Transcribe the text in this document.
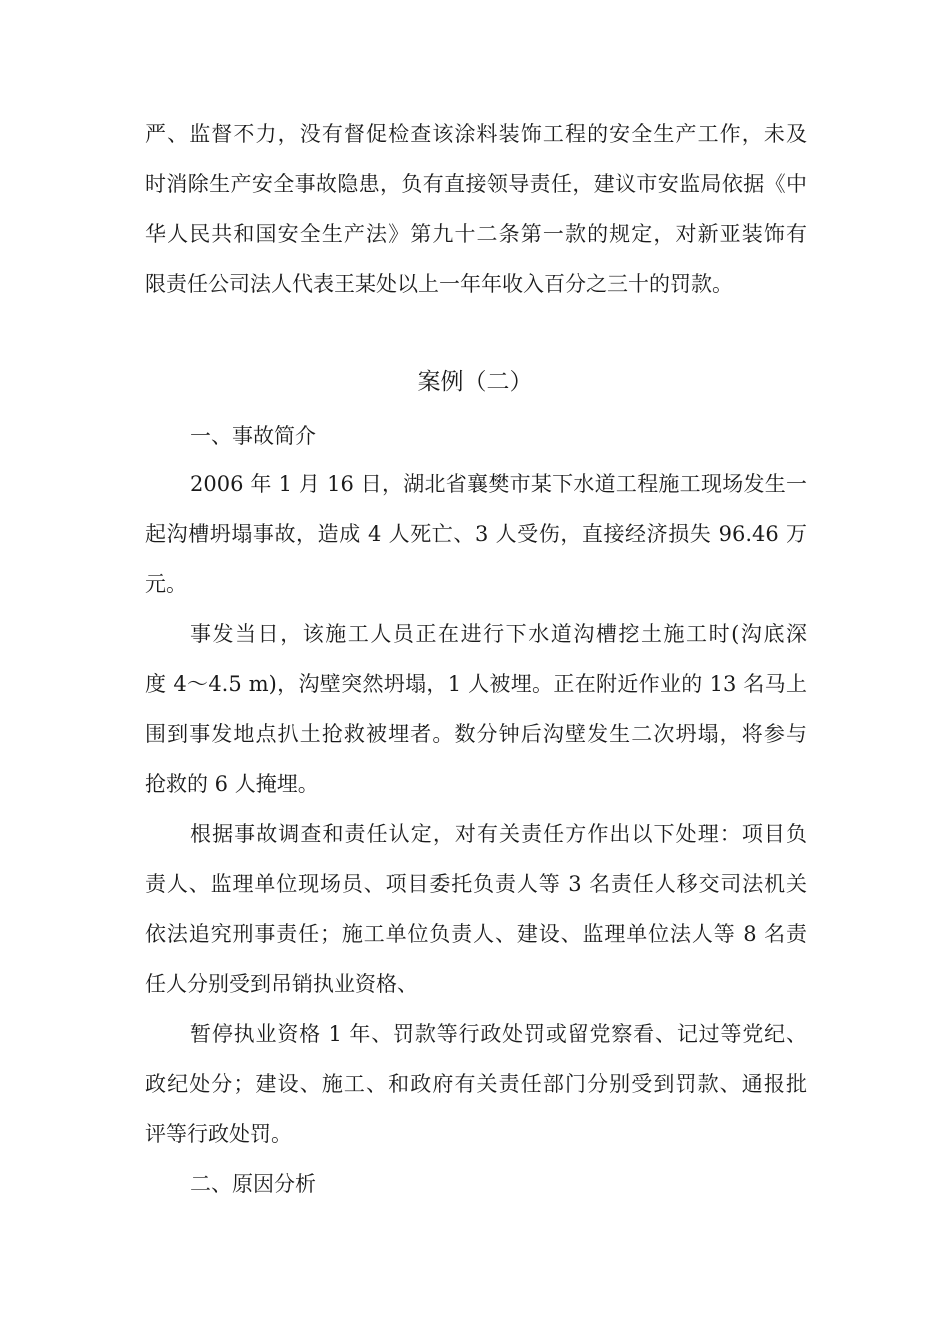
严、监督不力，没有督促检查该涂料装饰工程的安全生产工作，未及
时消除生产安全事故隐患，负有直接领导责任，建议市安监局依据《中
华人民共和国安全生产法》第九十二条第一款的规定，对新亚装饰有
限责任公司法人代表王某处以上一年年收入百分之三十的罚款。
案例（二）
一、事故简介
2006 年 1 月 16 日，湖北省襄樊市某下水道工程施工现场发生一
起沟槽坍塌事故，造成 4 人死亡、3 人受伤，直接经济损失 96.46 万
元。
事发当日，该施工人员正在进行下水道沟槽挖土施工时(沟底深
度 4～4.5 m)，沟壁突然坍塌，1 人被埋。正在附近作业的 13 名马上
围到事发地点扒土抢救被埋者。数分钟后沟壁发生二次坍塌，将参与
抢救的 6 人掩埋。
根据事故调查和责任认定，对有关责任方作出以下处理：项目负
责人、监理单位现场员、项目委托负责人等 3 名责任人移交司法机关
依法追究刑事责任；施工单位负责人、建设、监理单位法人等 8 名责
任人分别受到吊销执业资格、
暂停执业资格 1 年、罚款等行政处罚或留党察看、记过等党纪、
政纪处分；建设、施工、和政府有关责任部门分别受到罚款、通报批
评等行政处罚。
二、原因分析
